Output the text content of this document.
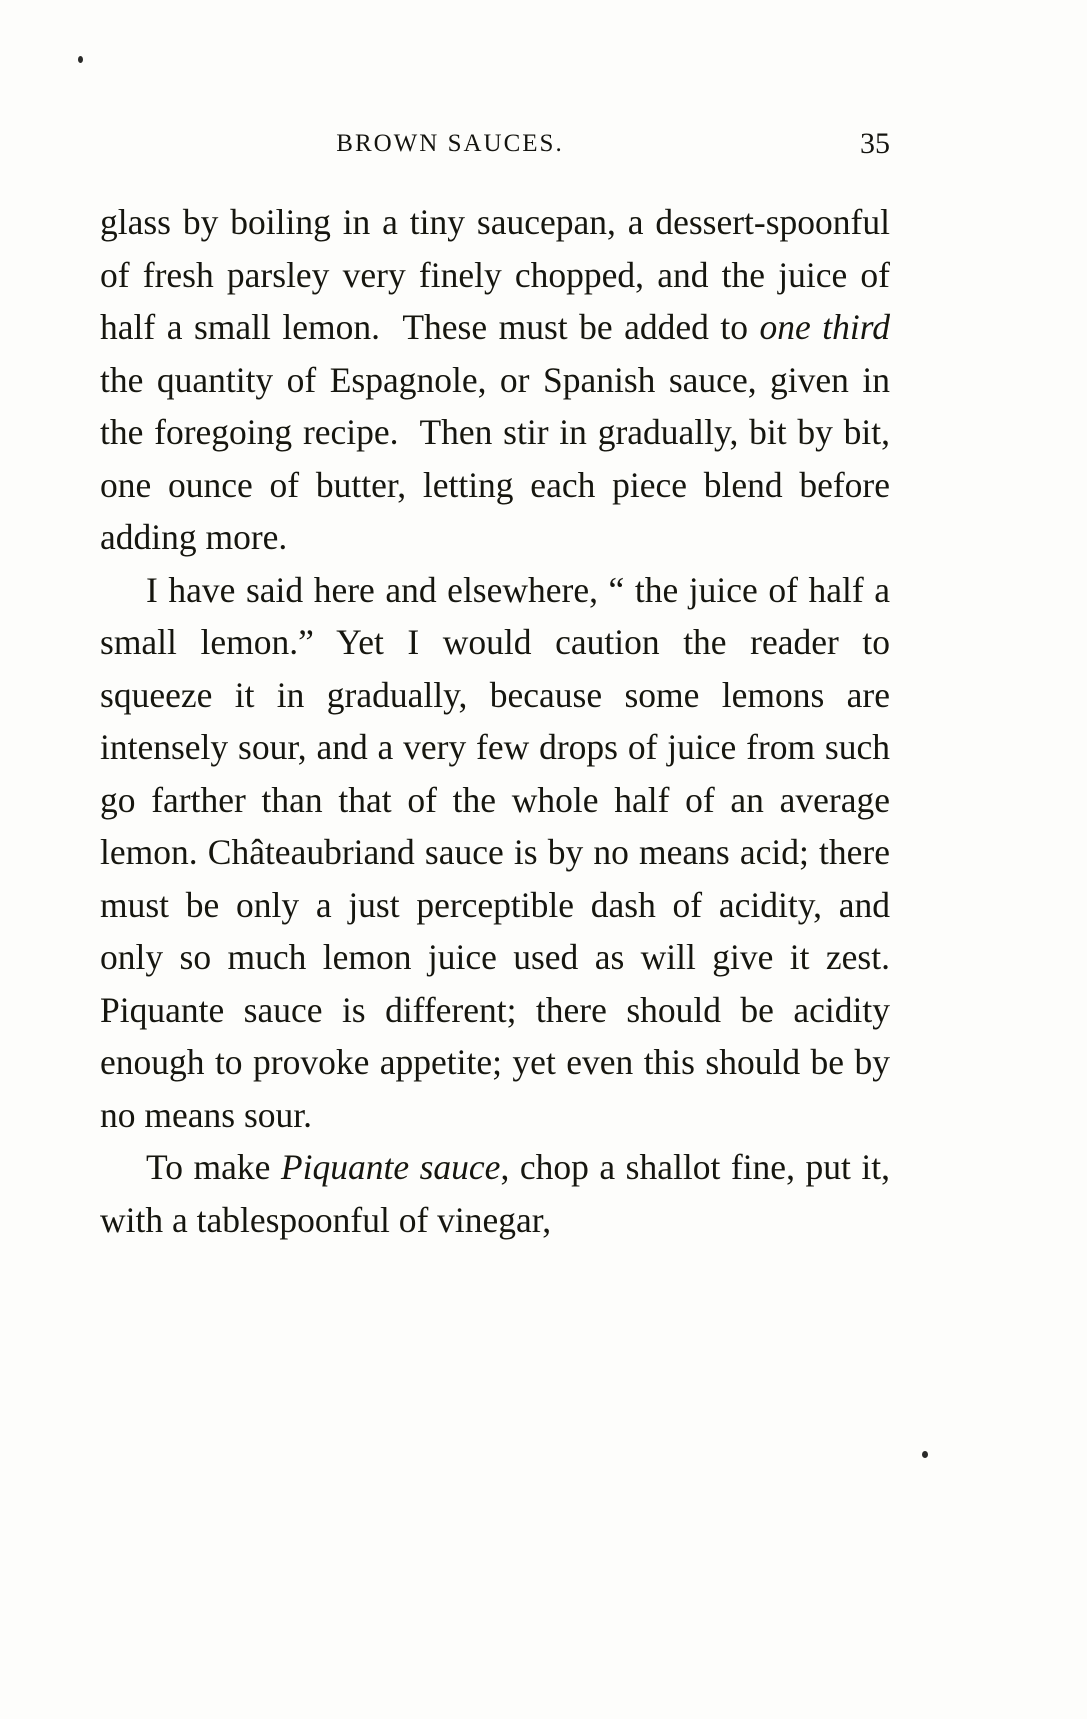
BROWN SAUCES.	35

glass by boiling in a tiny saucepan, a dessert-spoonful of fresh parsley very finely chopped, and the juice of half a small lemon.  These must be added to one third the quantity of Espagnole, or Spanish sauce, given in the foregoing recipe.  Then stir in gradually, bit by bit, one ounce of butter, letting each piece blend before adding more.

I have said here and elsewhere, “ the juice of half a small lemon.” Yet I would caution the reader to squeeze it in gradually, because some lemons are intensely sour, and a very few drops of juice from such go farther than that of the whole half of an average lemon. Châteaubriand sauce is by no means acid; there must be only a just perceptible dash of acidity, and only so much lemon juice used as will give it zest. Piquante sauce is different; there should be acidity enough to provoke appetite; yet even this should be by no means sour.

To make Piquante sauce, chop a shallot fine, put it, with a tablespoonful of vinegar,
